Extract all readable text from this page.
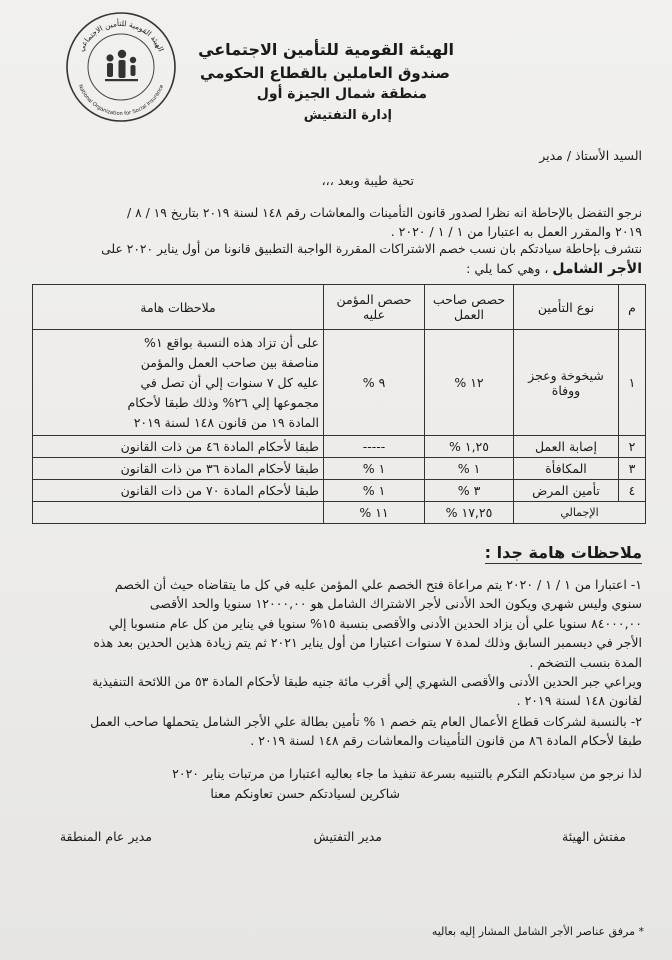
الهيئة القومية للتأمين الاجتماعي
National Organization for Social Insurance
الهيئة القومية للتأمين الاجتماعي
صندوق العاملين بالقطاع الحكومي
منطقة شمال الجيزة أول
إدارة التفتيش
السيد الأستاذ / مدير
تحية طيبة وبعد ،،،
نرجو التفضل بالإحاطة انه نظرا لصدور قانون التأمينات والمعاشات رقم ١٤٨ لسنة ٢٠١٩ بتاريخ ١٩ / ٨ /
٢٠١٩ والمقرر العمل به اعتبارا من ١ / ١ / ٢٠٢٠ .
نتشرف بإحاطة سيادتكم بان نسب خصم الاشتراكات المقررة الواجبة التطبيق قانونا من أول يناير ٢٠٢٠ على
الأجر الشامل ، وهي كما يلي :
م	نوع التأمين	حصص صاحب العمل	حصص المؤمن عليه	ملاحظات هامة
١	شيخوخة وعجز ووفاة	١٢ %	٩ %	على أن تزاد هذه النسبة بواقع ١%
مناصفة بين صاحب العمل والمؤمن
عليه كل ٧ سنوات إلي أن تصل في
مجموعها إلي ٢٦% وذلك طبقا لأحكام
المادة ١٩ من قانون ١٤٨ لسنة ٢٠١٩

٢	إصابة العمل	١,٢٥ %	-----	طبقا لأحكام المادة ٤٦ من ذات القانون
٣	المكافأة	١ %	١ %	طبقا لأحكام المادة ٣٦ من ذات القانون
٤	تأمين المرض	٣ %	١ %	طبقا لأحكام المادة ٧٠ من ذات القانون
الإجمالي		١٧,٢٥ %	١١ %	
ملاحظات هامة جدا :
١- اعتبارا من ١ / ١ / ٢٠٢٠ يتم مراعاة فتح الخصم علي المؤمن عليه في كل ما يتقاضاه حيث أن الخصم
سنوي وليس شهري ويكون الحد الأدنى لأجر الاشتراك الشامل هو ١٢٠٠٠,٠٠ سنويا والحد الأقصى
٨٤٠٠٠,٠٠ سنويا علي أن يزاد الحدين الأدنى والأقصى بنسبة ١٥% سنويا في يناير من كل عام منسوبا إلي
الأجر في ديسمبر السابق وذلك لمدة ٧ سنوات اعتبارا من أول يناير ٢٠٢١ ثم يتم زيادة هذين الحدين بعد هذه
المدة بنسب التضخم .
ويراعي جبر الحدين الأدنى والأقصى الشهري إلي أقرب مائة جنيه طبقا لأحكام المادة ٥٣ من اللائحة التنفيذية
لقانون ١٤٨ لسنة ٢٠١٩ .
٢- بالنسبة لشركات قطاع الأعمال العام يتم خصم ١ % تأمين بطالة علي الأجر الشامل يتحملها صاحب العمل
طبقا لأحكام المادة ٨٦ من قانون التأمينات والمعاشات رقم ١٤٨ لسنة ٢٠١٩ .
لذا نرجو من سيادتكم التكرم بالتنبيه بسرعة تنفيذ ما جاء بعاليه اعتبارا من مرتبات يناير ٢٠٢٠
شاكرين لسيادتكم حسن تعاونكم معنا
مفتش الهيئة
مدير التفتيش
مدير عام المنطقة
* مرفق عناصر الأجر الشامل المشار إليه بعاليه
